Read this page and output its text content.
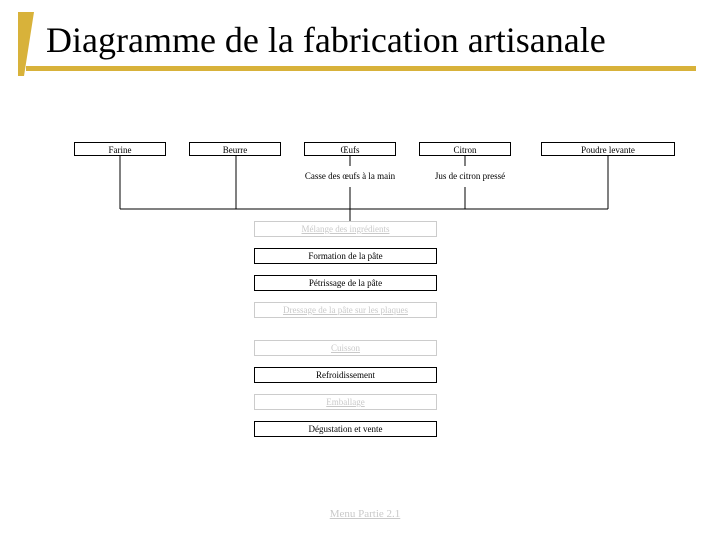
Diagramme de la fabrication artisanale
Farine	Beurre	Œufs	Citron	Poudre levante
Casse des œufs à la main	Jus de citron pressé
Mélange des ingrédients
Formation de la pâte
Pétrissage de la pâte
Dressage de la pâte sur les plaques
Cuisson
Refroidissement
Emballage
Dégustation et vente
Menu Partie 2.1
